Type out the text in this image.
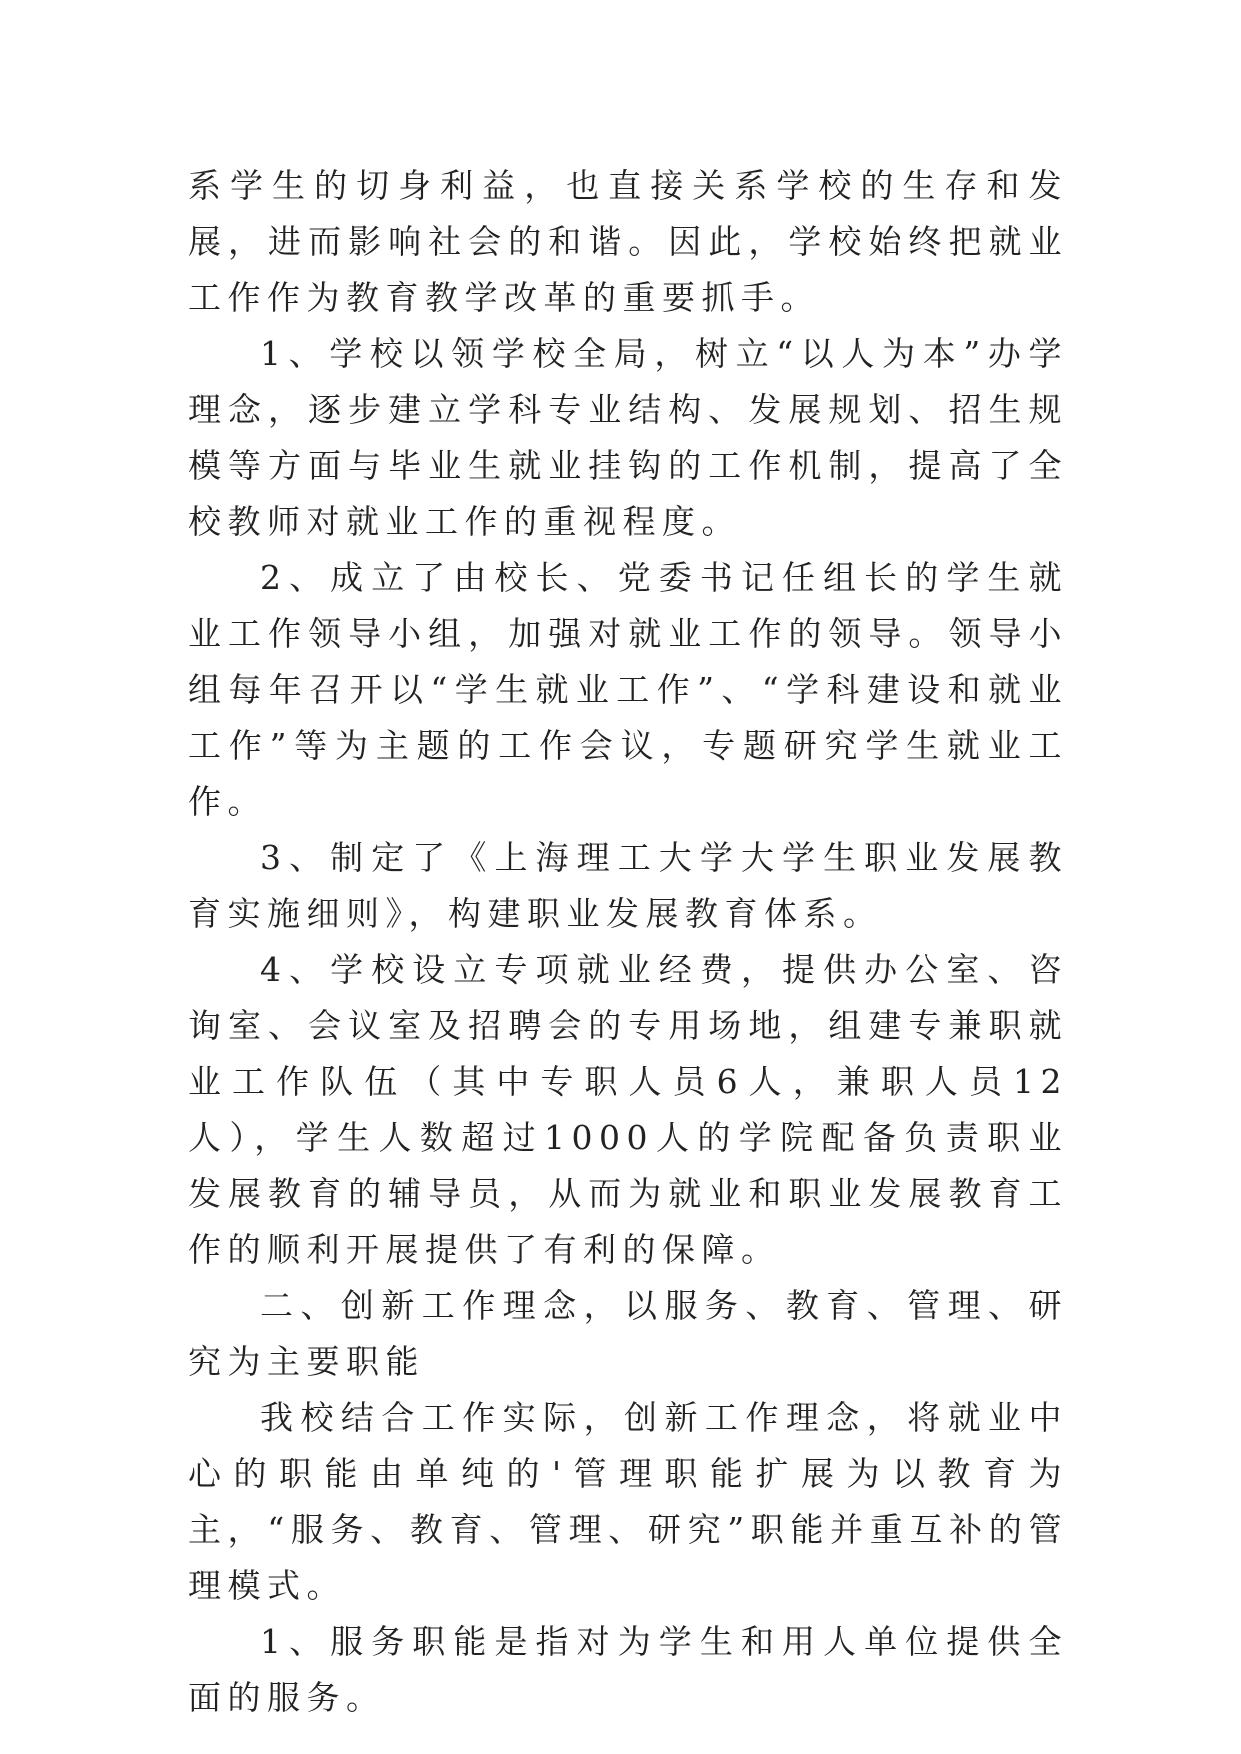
系学生的切身利益，也直接关系学校的生存和发展，进而影响社会的和谐。因此，学校始终把就业工作作为教育教学改革的重要抓手。

1、学校以领学校全局，树立“以人为本”办学理念，逐步建立学科专业结构、发展规划、招生规模等方面与毕业生就业挂钩的工作机制，提高了全校教师对就业工作的重视程度。

2、成立了由校长、党委书记任组长的学生就业工作领导小组，加强对就业工作的领导。领导小组每年召开以“学生就业工作”、“学科建设和就业工作”等为主题的工作会议，专题研究学生就业工作。

3、制定了《上海理工大学大学生职业发展教育实施细则》，构建职业发展教育体系。

4、学校设立专项就业经费，提供办公室、咨询室、会议室及招聘会的专用场地，组建专兼职就业工作队伍（其中专职人员6人，兼职人员12人），学生人数超过1000人的学院配备负责职业发展教育的辅导员，从而为就业和职业发展教育工作的顺利开展提供了有利的保障。

二、创新工作理念，以服务、教育、管理、研究为主要职能

我校结合工作实际，创新工作理念，将就业中心的职能由单纯的'管理职能扩展为以教育为主，“服务、教育、管理、研究”职能并重互补的管理模式。

1、服务职能是指对为学生和用人单位提供全面的服务。
